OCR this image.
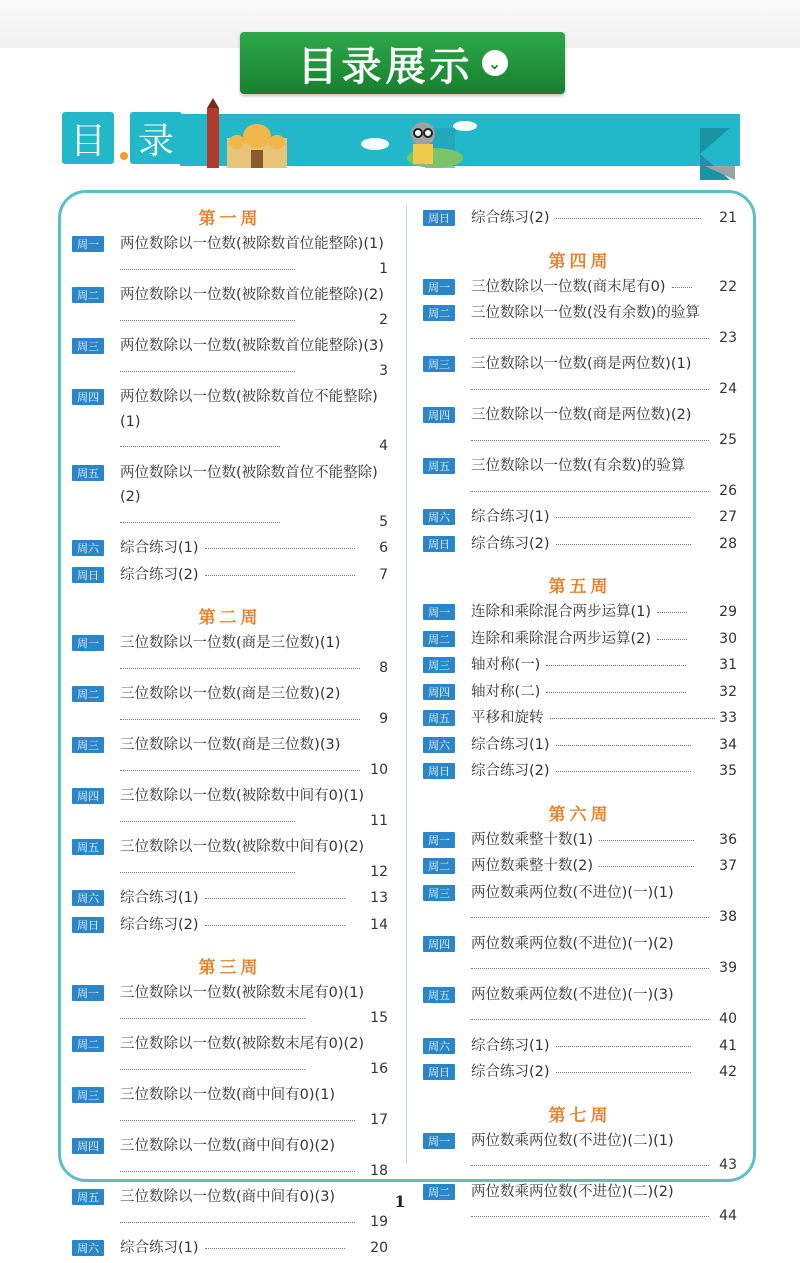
目录展示 ⌄
目 录
第一周
周一	两位数除以一位数(被除数首位能整除)(1)

1
周二	两位数除以一位数(被除数首位能整除)(2)

2
周三	两位数除以一位数(被除数首位能整除)(3)

3
周四	两位数除以一位数(被除数首位不能整除)(1)

4
周五	两位数除以一位数(被除数首位不能整除)(2)

5
周六	综合练习(1)	6
周日	综合练习(2)	7
第二周
周一	三位数除以一位数(商是三位数)(1)

8
周二	三位数除以一位数(商是三位数)(2)

9
周三	三位数除以一位数(商是三位数)(3)

10
周四	三位数除以一位数(被除数中间有0)(1)

11
周五	三位数除以一位数(被除数中间有0)(2)

12
周六	综合练习(1)	13
周日	综合练习(2)	14
第三周
周一	三位数除以一位数(被除数末尾有0)(1)

15
周二	三位数除以一位数(被除数末尾有0)(2)

16
周三	三位数除以一位数(商中间有0)(1)

17
周四	三位数除以一位数(商中间有0)(2)

18
周五	三位数除以一位数(商中间有0)(3)

19
周六	综合练习(1)	20
周日	综合练习(2)	21
第四周
周一	三位数除以一位数(商末尾有0)	22
周二	三位数除以一位数(没有余数)的验算

23
周三	三位数除以一位数(商是两位数)(1)

24
周四	三位数除以一位数(商是两位数)(2)

25
周五	三位数除以一位数(有余数)的验算

26
周六	综合练习(1)	27
周日	综合练习(2)	28
第五周
周一	连除和乘除混合两步运算(1)	29
周二	连除和乘除混合两步运算(2)	30
周三	轴对称(一)	31
周四	轴对称(二)	32
周五	平移和旋转	33
周六	综合练习(1)	34
周日	综合练习(2)	35
第六周
周一	两位数乘整十数(1)	36
周二	两位数乘整十数(2)	37
周三	两位数乘两位数(不进位)(一)(1)

38
周四	两位数乘两位数(不进位)(一)(2)

39
周五	两位数乘两位数(不进位)(一)(3)

40
周六	综合练习(1)	41
周日	综合练习(2)	42
第七周
周一	两位数乘两位数(不进位)(二)(1)

43
周二	两位数乘两位数(不进位)(二)(2)

44
1
